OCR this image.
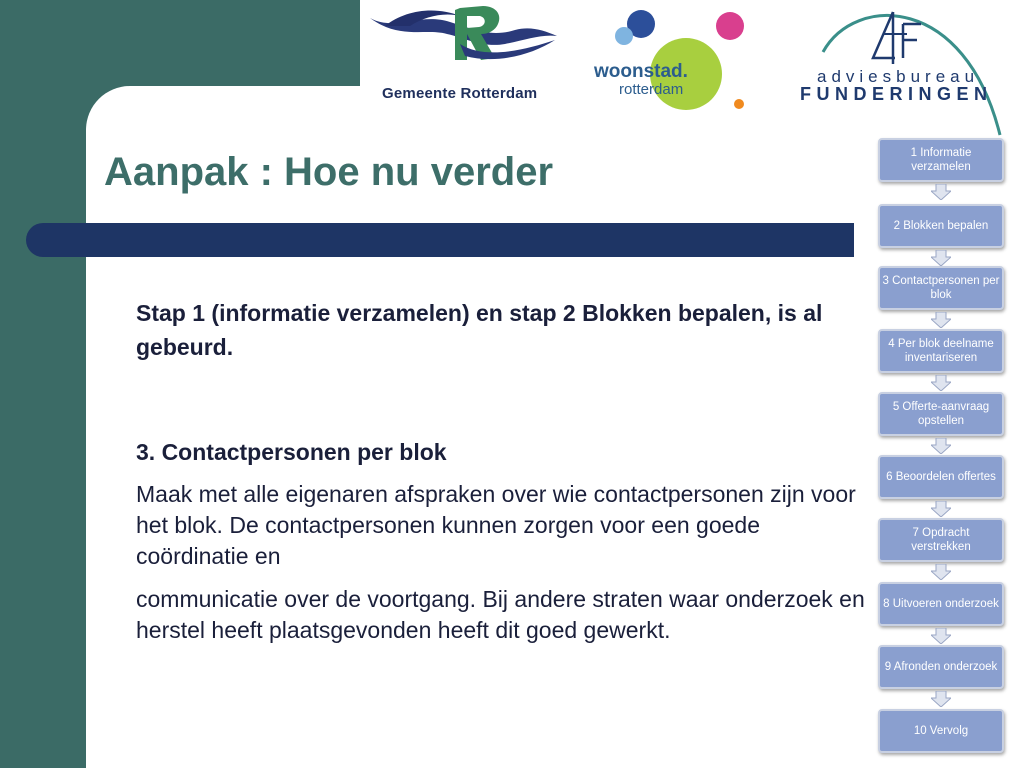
Gemeente Rotterdam
woonstad.
rotterdam
adviesbureau
FUNDERINGEN
Aanpak : Hoe nu verder
Stap 1 (informatie verzamelen) en stap 2 Blokken bepalen, is al gebeurd.
3. Contactpersonen per blok

Maak met alle eigenaren afspraken over wie contactpersonen zijn voor het blok. De contactpersonen kunnen zorgen voor een goede coördinatie en

communicatie over de voortgang. Bij andere straten waar onderzoek en herstel heeft plaatsgevonden heeft dit goed gewerkt.

1 Informatie verzamelen
2 Blokken bepalen
3 Contactpersonen per blok
4 Per blok deelname inventariseren
5 Offerte-aanvraag opstellen
6 Beoordelen offertes
7 Opdracht verstrekken
8 Uitvoeren onderzoek
9 Afronden onderzoek
10 Vervolg
